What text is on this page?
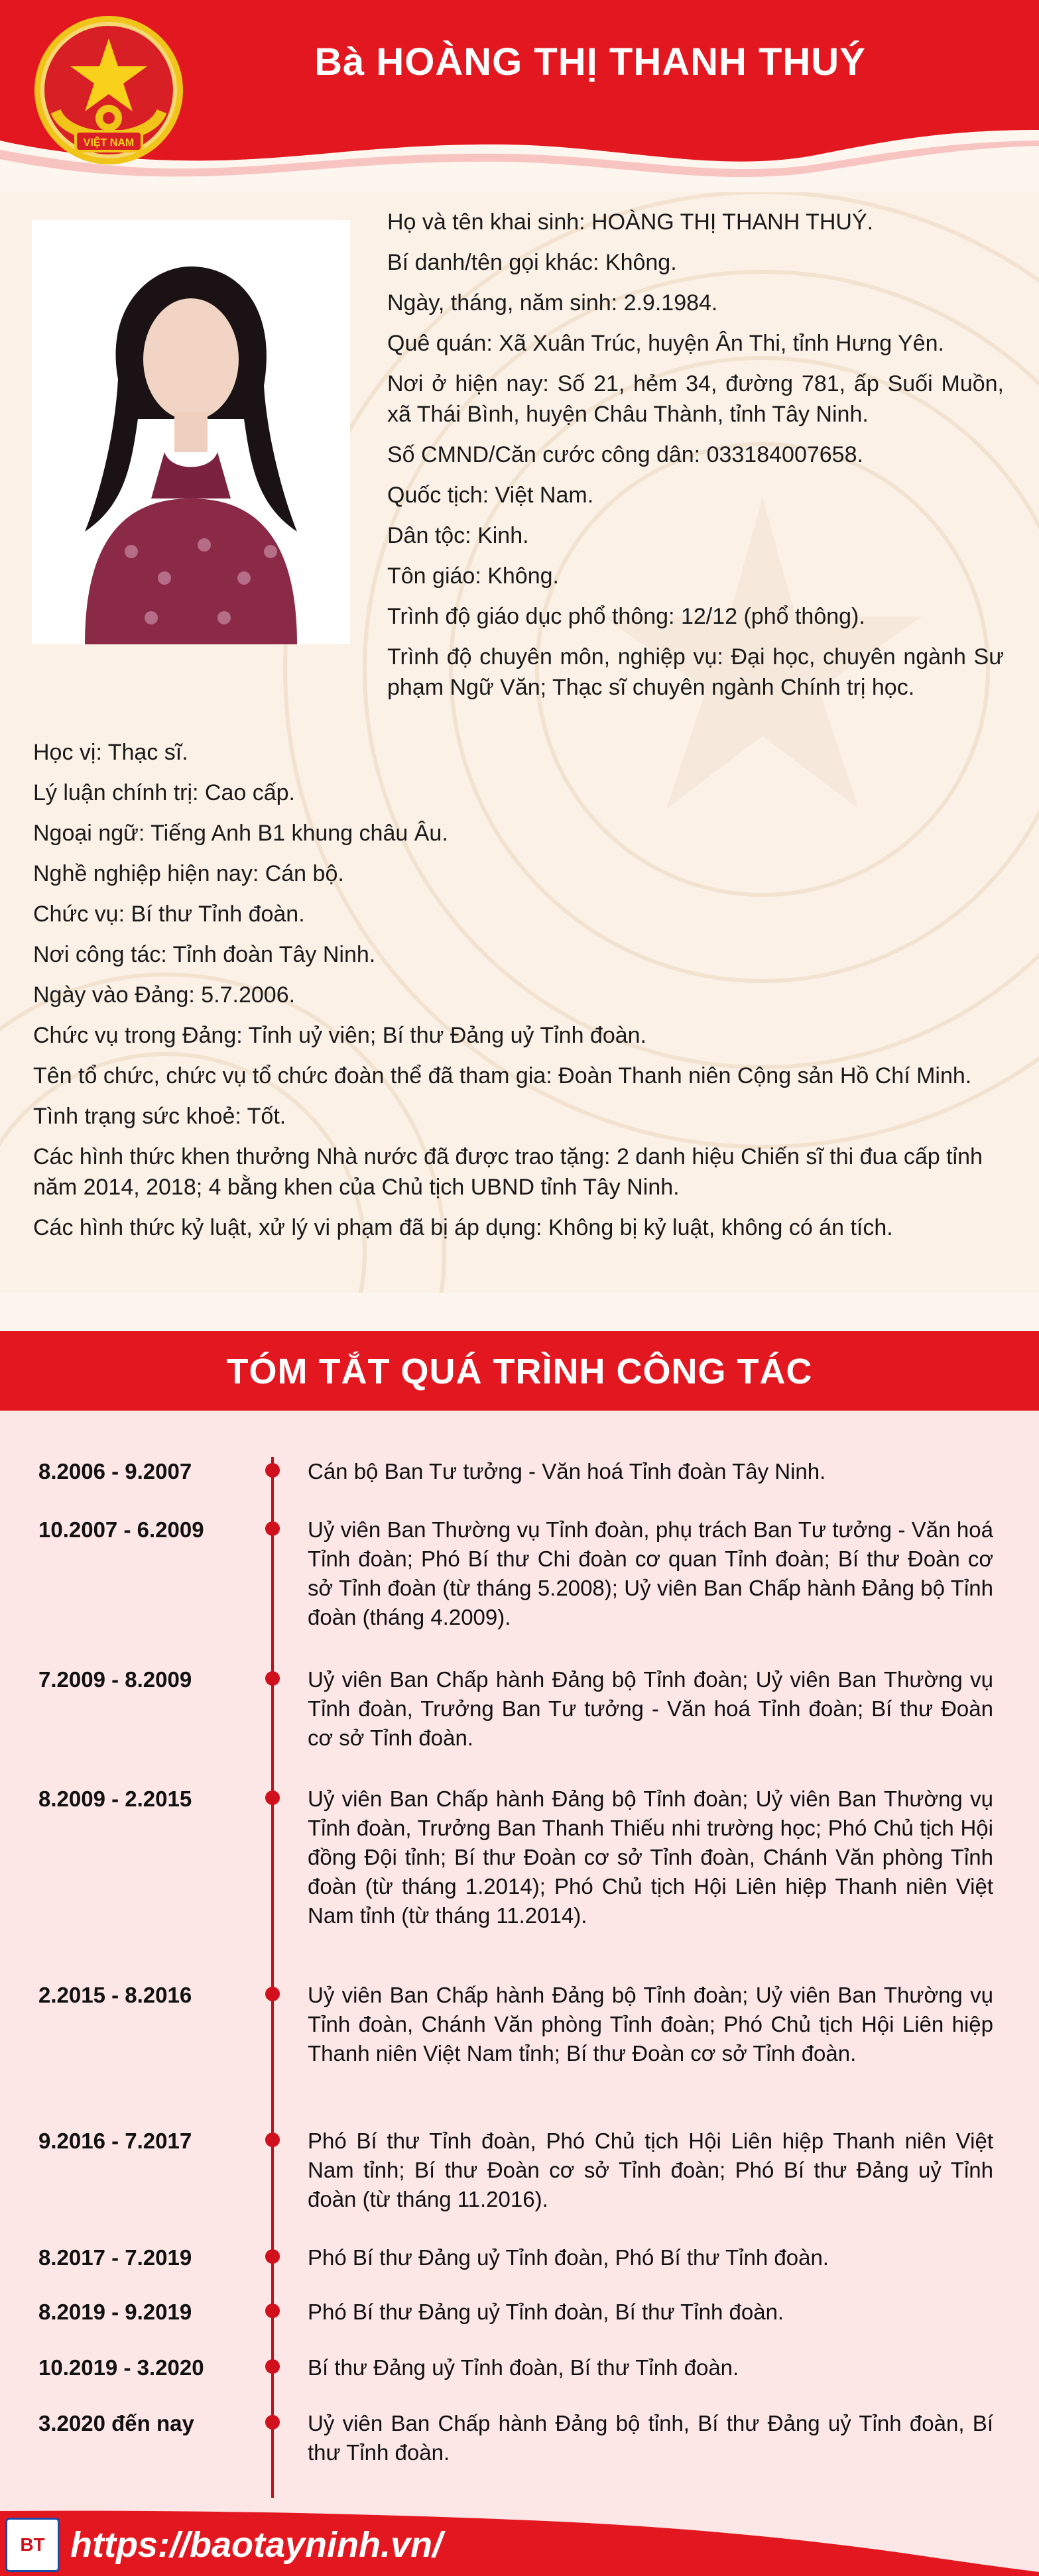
VIỆT NAM
Bà HOÀNG THỊ THANH THUÝ
Họ và tên khai sinh: HOÀNG THỊ THANH THUÝ.
Bí danh/tên gọi khác: Không.
Ngày, tháng, năm sinh: 2.9.1984.
Quê quán: Xã Xuân Trúc, huyện Ân Thi, tỉnh Hưng Yên.
Nơi ở hiện nay: Số 21, hẻm 34, đường 781, ấp Suối Muồn, xã Thái Bình, huyện Châu Thành, tỉnh Tây Ninh.
Số CMND/Căn cước công dân: 033184007658.
Quốc tịch: Việt Nam.
Dân tộc: Kinh.
Tôn giáo: Không.
Trình độ giáo dục phổ thông: 12/12 (phổ thông).
Trình độ chuyên môn, nghiệp vụ: Đại học, chuyên ngành Sư phạm Ngữ Văn; Thạc sĩ chuyên ngành Chính trị học.
Học vị: Thạc sĩ.
Lý luận chính trị: Cao cấp.
Ngoại ngữ: Tiếng Anh B1 khung châu Âu.
Nghề nghiệp hiện nay: Cán bộ.
Chức vụ: Bí thư Tỉnh đoàn.
Nơi công tác: Tỉnh đoàn Tây Ninh.
Ngày vào Đảng: 5.7.2006.
Chức vụ trong Đảng: Tỉnh uỷ viên; Bí thư Đảng uỷ Tỉnh đoàn.
Tên tổ chức, chức vụ tổ chức đoàn thể đã tham gia: Đoàn Thanh niên Cộng sản Hồ Chí Minh.
Tình trạng sức khoẻ: Tốt.
Các hình thức khen thưởng Nhà nước đã được trao tặng: 2 danh hiệu Chiến sĩ thi đua cấp tỉnh năm 2014, 2018; 4 bằng khen của Chủ tịch UBND tỉnh Tây Ninh.
Các hình thức kỷ luật, xử lý vi phạm đã bị áp dụng: Không bị kỷ luật, không có án tích.
TÓM TẮT QUÁ TRÌNH CÔNG TÁC
8.2006 - 9.2007	Cán bộ Ban Tư tưởng - Văn hoá Tỉnh đoàn Tây Ninh.
10.2007 - 6.2009	Uỷ viên Ban Thường vụ Tỉnh đoàn, phụ trách Ban Tư tưởng - Văn hoá Tỉnh đoàn; Phó Bí thư Chi đoàn cơ quan Tỉnh đoàn; Bí thư Đoàn cơ sở Tỉnh đoàn (từ tháng 5.2008); Uỷ viên Ban Chấp hành Đảng bộ Tỉnh đoàn (tháng 4.2009).
7.2009 - 8.2009	Uỷ viên Ban Chấp hành Đảng bộ Tỉnh đoàn; Uỷ viên Ban Thường vụ Tỉnh đoàn, Trưởng Ban Tư tưởng - Văn hoá Tỉnh đoàn; Bí thư Đoàn cơ sở Tỉnh đoàn.
8.2009 - 2.2015	Uỷ viên Ban Chấp hành Đảng bộ Tỉnh đoàn; Uỷ viên Ban Thường vụ Tỉnh đoàn, Trưởng Ban Thanh Thiếu nhi trường học; Phó Chủ tịch Hội đồng Đội tỉnh; Bí thư Đoàn cơ sở Tỉnh đoàn, Chánh Văn phòng Tỉnh đoàn (từ tháng 1.2014); Phó Chủ tịch Hội Liên hiệp Thanh niên Việt Nam tỉnh (từ tháng 11.2014).
2.2015 - 8.2016	Uỷ viên Ban Chấp hành Đảng bộ Tỉnh đoàn; Uỷ viên Ban Thường vụ Tỉnh đoàn, Chánh Văn phòng Tỉnh đoàn; Phó Chủ tịch Hội Liên hiệp Thanh niên Việt Nam tỉnh; Bí thư Đoàn cơ sở Tỉnh đoàn.
9.2016 - 7.2017	Phó Bí thư Tỉnh đoàn, Phó Chủ tịch Hội Liên hiệp Thanh niên Việt Nam tỉnh; Bí thư Đoàn cơ sở Tỉnh đoàn; Phó Bí thư Đảng uỷ Tỉnh đoàn (từ tháng 11.2016).
8.2017 - 7.2019	Phó Bí thư Đảng uỷ Tỉnh đoàn, Phó Bí thư Tỉnh đoàn.
8.2019 - 9.2019	Phó Bí thư Đảng uỷ Tỉnh đoàn, Bí thư Tỉnh đoàn.
10.2019 - 3.2020	Bí thư Đảng uỷ Tỉnh đoàn, Bí thư Tỉnh đoàn.
3.2020 đến nay	Uỷ viên Ban Chấp hành Đảng bộ tỉnh, Bí thư Đảng uỷ Tỉnh đoàn, Bí thư Tỉnh đoàn.
BT https://baotayninh.vn/
